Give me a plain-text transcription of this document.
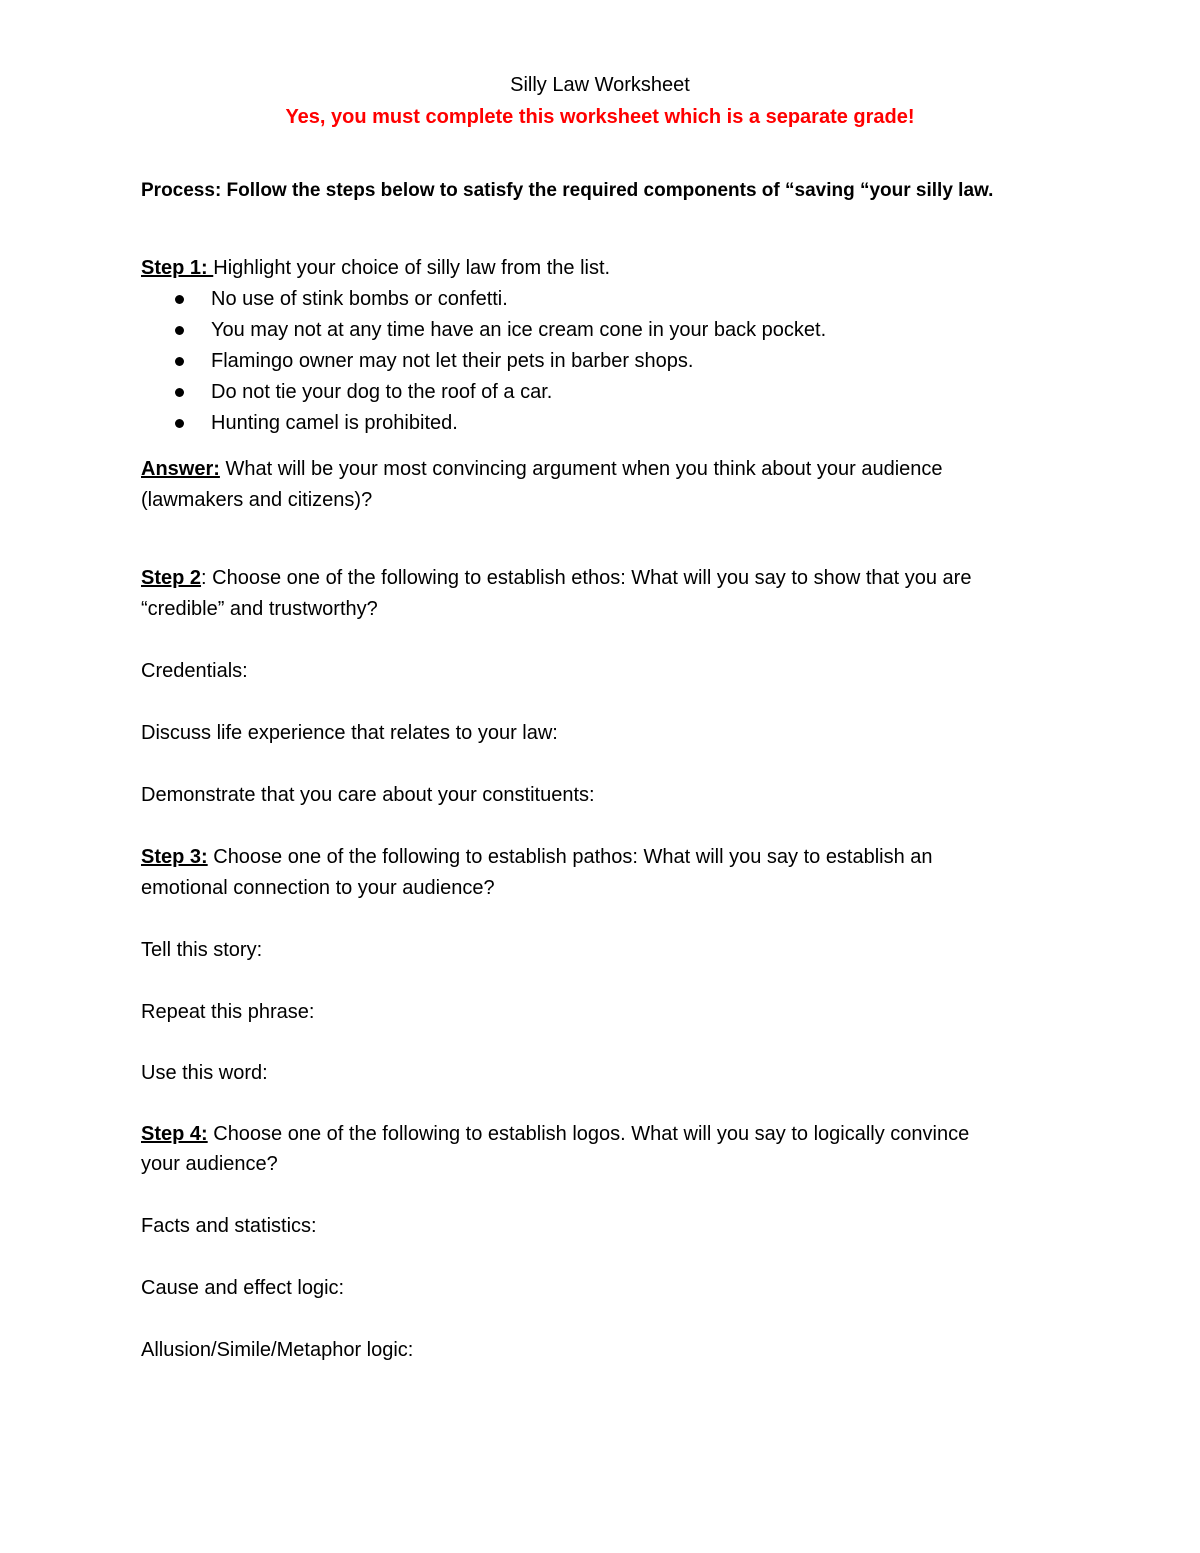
Silly Law Worksheet
Yes, you must complete this worksheet which is a separate grade!
Process: Follow the steps below to satisfy the required components of “saving “your silly law.
Step 1: Highlight your choice of silly law from the list.
No use of stink bombs or confetti.
You may not at any time have an ice cream cone in your back pocket.
Flamingo owner may not let their pets in barber shops.
Do not tie your dog to the roof of a car.
Hunting camel is prohibited.
Answer: What will be your most convincing argument when you think about your audience
(lawmakers and citizens)?
Step 2: Choose one of the following to establish ethos: What will you say to show that you are
“credible” and trustworthy?
Credentials:
Discuss life experience that relates to your law:
Demonstrate that you care about your constituents:
Step 3: Choose one of the following to establish pathos: What will you say to establish an
emotional connection to your audience?
Tell this story:
Repeat this phrase:
Use this word:
Step 4: Choose one of the following to establish logos. What will you say to logically convince
your audience?
Facts and statistics:
Cause and effect logic:
Allusion/Simile/Metaphor logic:
